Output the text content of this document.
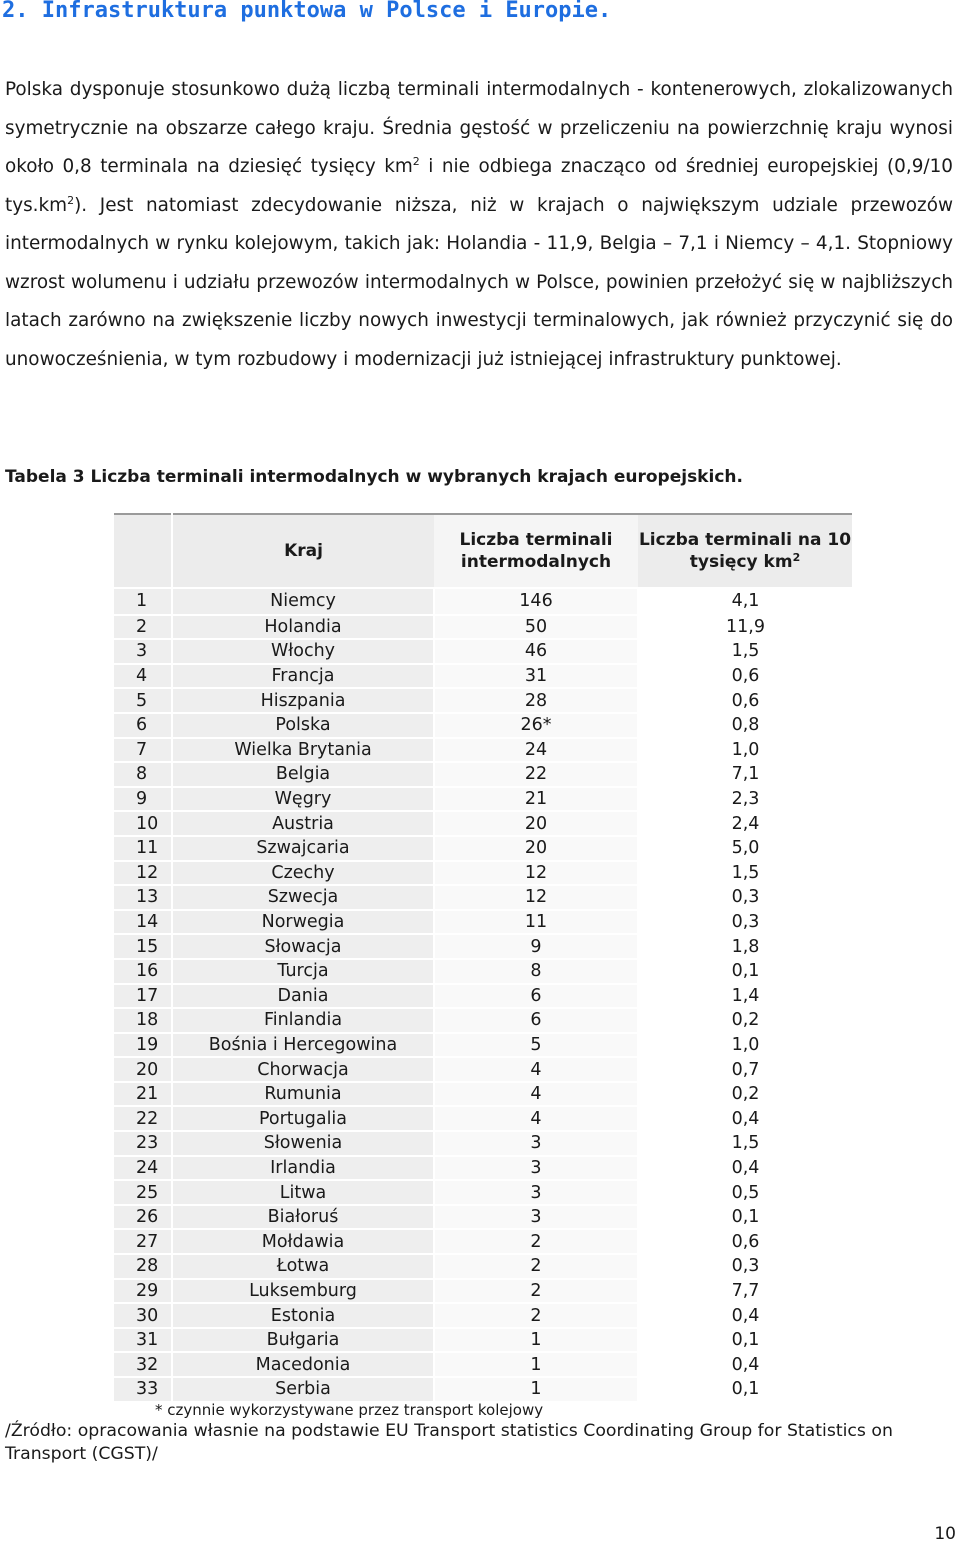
2. Infrastruktura punktowa w Polsce i Europie.

Polska dysponuje stosunkowo dużą liczbą terminali intermodalnych - kontenerowych, zlokalizowanych symetrycznie na obszarze całego kraju. Średnia gęstość w przeliczeniu na powierzchnię kraju wynosi około 0,8 terminala na dziesięć tysięcy $km^2$ i nie odbiega znacząco od średniej europejskiej (0,9/10 $tys.km^2$). Jest natomiast zdecydowanie niższa, niż w krajach o największym udziale przewozów intermodalnych w rynku kolejowym, takich jak: Holandia - 11,9, Belgia – 7,1 i Niemcy – 4,1. Stopniowy wzrost wolumenu i udziału przewozów intermodalnych w Polsce, powinien przełożyć się w najbliższych latach zarówno na zwiększenie liczby nowych inwestycji terminalowych, jak również przyczynić się do unowocześnienia, w tym rozbudowy i modernizacji już istniejącej infrastruktury punktowej.

Tabela 3 Liczba terminali intermodalnych w wybranych krajach europejskich.
	Kraj	Liczba terminali intermodalnych	Liczba terminali na 10 tysięcy $km^2$
1	Niemcy	146	4,1
2	Holandia	50	11,9
3	Włochy	46	1,5
4	Francja	31	0,6
5	Hiszpania	28	0,6
6	Polska	26*	0,8
7	Wielka Brytania	24	1,0
8	Belgia	22	7,1
9	Węgry	21	2,3
10	Austria	20	2,4
11	Szwajcaria	20	5,0
12	Czechy	12	1,5
13	Szwecja	12	0,3
14	Norwegia	11	0,3
15	Słowacja	9	1,8
16	Turcja	8	0,1
17	Dania	6	1,4
18	Finlandia	6	0,2
19	Bośnia i Hercegowina	5	1,0
20	Chorwacja	4	0,7
21	Rumunia	4	0,2
22	Portugalia	4	0,4
23	Słowenia	3	1,5
24	Irlandia	3	0,4
25	Litwa	3	0,5
26	Białoruś	3	0,1
27	Mołdawia	2	0,6
28	Łotwa	2	0,3
29	Luksemburg	2	7,7
30	Estonia	2	0,4
31	Bułgaria	1	0,1
32	Macedonia	1	0,4
33	Serbia	1	0,1
* czynnie wykorzystywane przez transport kolejowy
/Źródło: opracowania własnie na podstawie EU Transport statistics Coordinating Group for Statistics on Transport (CGST)/
10
